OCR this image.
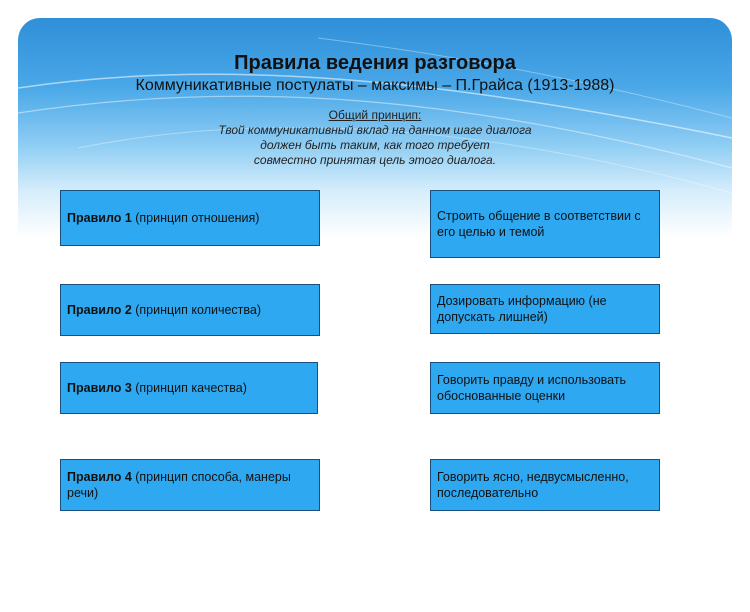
Правила ведения разговора
Коммуникативные постулаты – максимы – П.Грайса (1913-1988)
Общий принцип:
Твой коммуникативный вклад на данном шаге диалога
должен быть таким, как того требует
совместно принятая цель этого диалога.
Правило 1 (принцип отношения)	Строить общение в соответствии с его целью и темой
Правило 2 (принцип количества)
Дозировать информацию (не допускать лишней)
Правило 3 (принцип качества)
Говорить правду и использовать обоснованные оценки
Правило 4 (принцип способа, манеры речи)
Говорить ясно, недвусмысленно, последовательно
